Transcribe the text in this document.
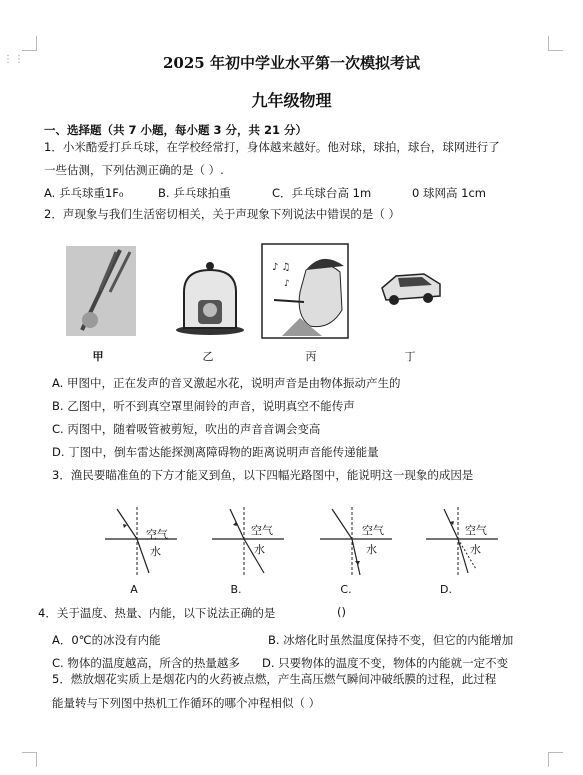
⋮⋮	2025 年初中学业水平第一次模拟考试
九年级物理
一、选择题（共 7 小题，每小题 3 分，共 21 分）
1．小米酷爱打乒乓球，在学校经常打，身体越来越好。他对球，球拍，球台，球网进行了
一些估测，下列估测正确的是（ ）.
A. 乒乓球重1F₀	B. 乒乓球拍重	C．乒乓球台高 1m	0 球网高 1cm
2．声现象与我们生活密切相关，关于声现象下列说法中错误的是（ ）
♪ ♫
♪
甲	乙	丙	丁
A. 甲图中，正在发声的音叉激起水花，说明声音是由物体振动产生的
B. 乙图中，听不到真空罩里闹铃的声音，说明真空不能传声
C. 丙图中，随着吸管被剪短，吹出的声音音调会变高
D. 丁图中，倒车雷达能探测离障碍物的距离说明声音能传递能量
3．渔民要瞄准鱼的下方才能叉到鱼，以下四幅光路图中，能说明这一现象的成因是
空气
水
空气
水
空气
水
空气
水
A	B.	C.	D.
4．关于温度、热量、内能，以下说法正确的是	()
A．0℃的冰没有内能	B. 冰熔化时虽然温度保持不变，但它的内能增加
C. 物体的温度越高，所含的热量越多 D. 只要物体的温度不变，物体的内能就一定不变
5．燃放烟花实质上是烟花内的火药被点燃，产生高压燃气瞬间冲破纸膜的过程，此过程
能量转与下列图中热机工作循环的哪个冲程相似（ ）
